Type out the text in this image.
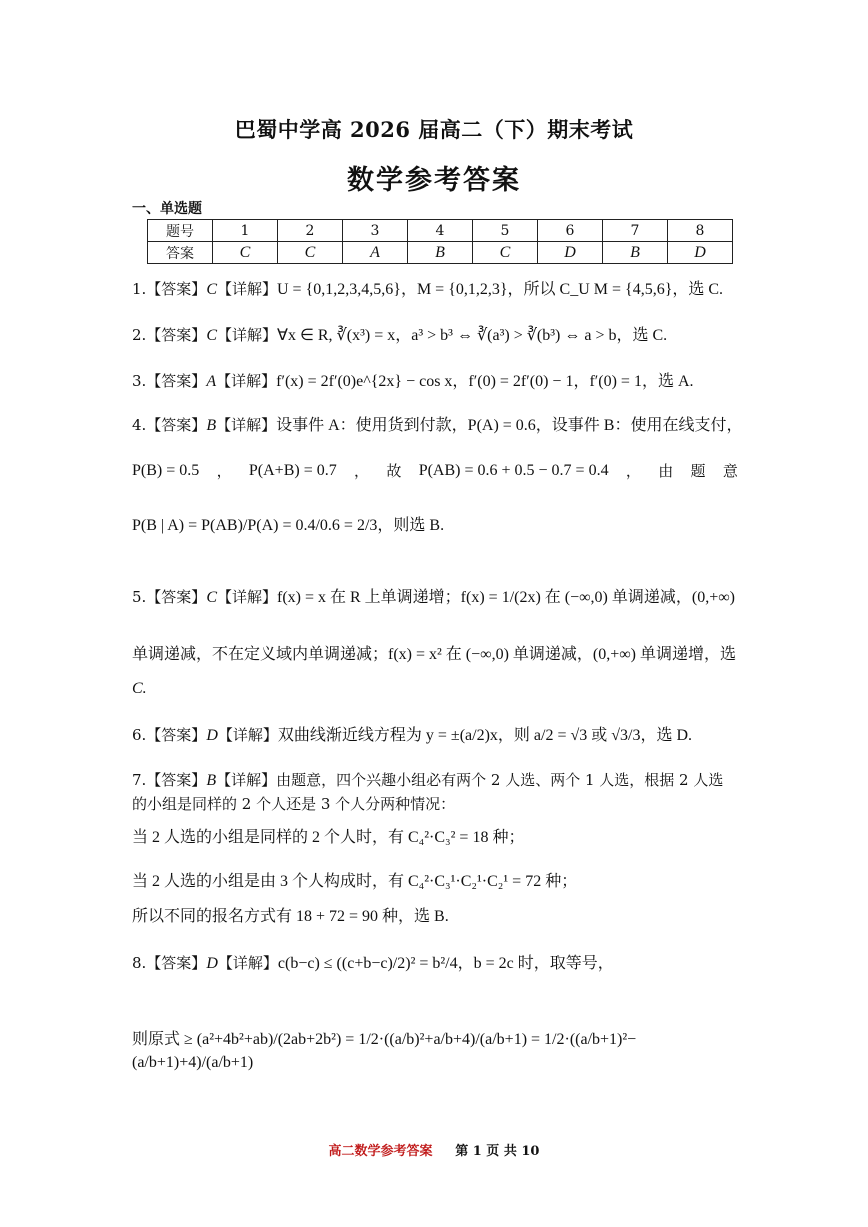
巴蜀中学高 2026 届高二（下）期末考试
数学参考答案
一、单选题
题号	1	2	3	4	5	6	7	8
答案	C	C	A	B	C	D	B	D
1.【答案】C【详解】U = {0,1,2,3,4,5,6}，M = {0,1,2,3}，所以 C_U M = {4,5,6}，选 C.
2.【答案】C【详解】∀x ∈ R, ∛(x³) = x，a³ > b³ ⇔ ∛(a³) > ∛(b³) ⇔ a > b，选 C.
3.【答案】A【详解】f′(x) = 2f′(0)e^{2x} − cos x，f′(0) = 2f′(0) − 1，f′(0) = 1，选 A.
4.【答案】B【详解】设事件 A：使用货到付款，P(A) = 0.6，设事件 B：使用在线支付，
P(B) = 0.5 ， P(A+B) = 0.7 ， 故 P(AB) = 0.6 + 0.5 − 0.7 = 0.4 ， 由 题 意
P(B | A) = P(AB)/P(A) = 0.4/0.6 = 2/3，则选 B.
5.【答案】C【详解】f(x) = x 在 R 上单调递增；f(x) = 1/(2x) 在 (−∞,0) 单调递减，(0,+∞)
单调递减，不在定义域内单调递减；f(x) = x² 在 (−∞,0) 单调递减，(0,+∞) 单调递增，选
C.
6.【答案】D【详解】双曲线渐近线方程为 y = ±(a/2)x，则 a/2 = √3 或 √3/3，选 D.
7.【答案】B【详解】由题意，四个兴趣小组必有两个 2 人选、两个 1 人选，根据 2 人选
的小组是同样的 2 个人还是 3 个人分两种情况：
当 2 人选的小组是同样的 2 个人时，有 C₄²·C₃² = 18 种；
当 2 人选的小组是由 3 个人构成时，有 C₄²·C₃¹·C₂¹·C₂¹ = 72 种；
所以不同的报名方式有 18 + 72 = 90 种，选 B.
8.【答案】D【详解】c(b−c) ≤ ((c+b−c)/2)² = b²/4，b = 2c 时，取等号，
则原式 ≥ (a²+4b²+ab)/(2ab+2b²) = 1/2·((a/b)²+a/b+4)/(a/b+1) = 1/2·((a/b+1)²−(a/b+1)+4)/(a/b+1)
高二数学参考答案 第 1 页 共 10
